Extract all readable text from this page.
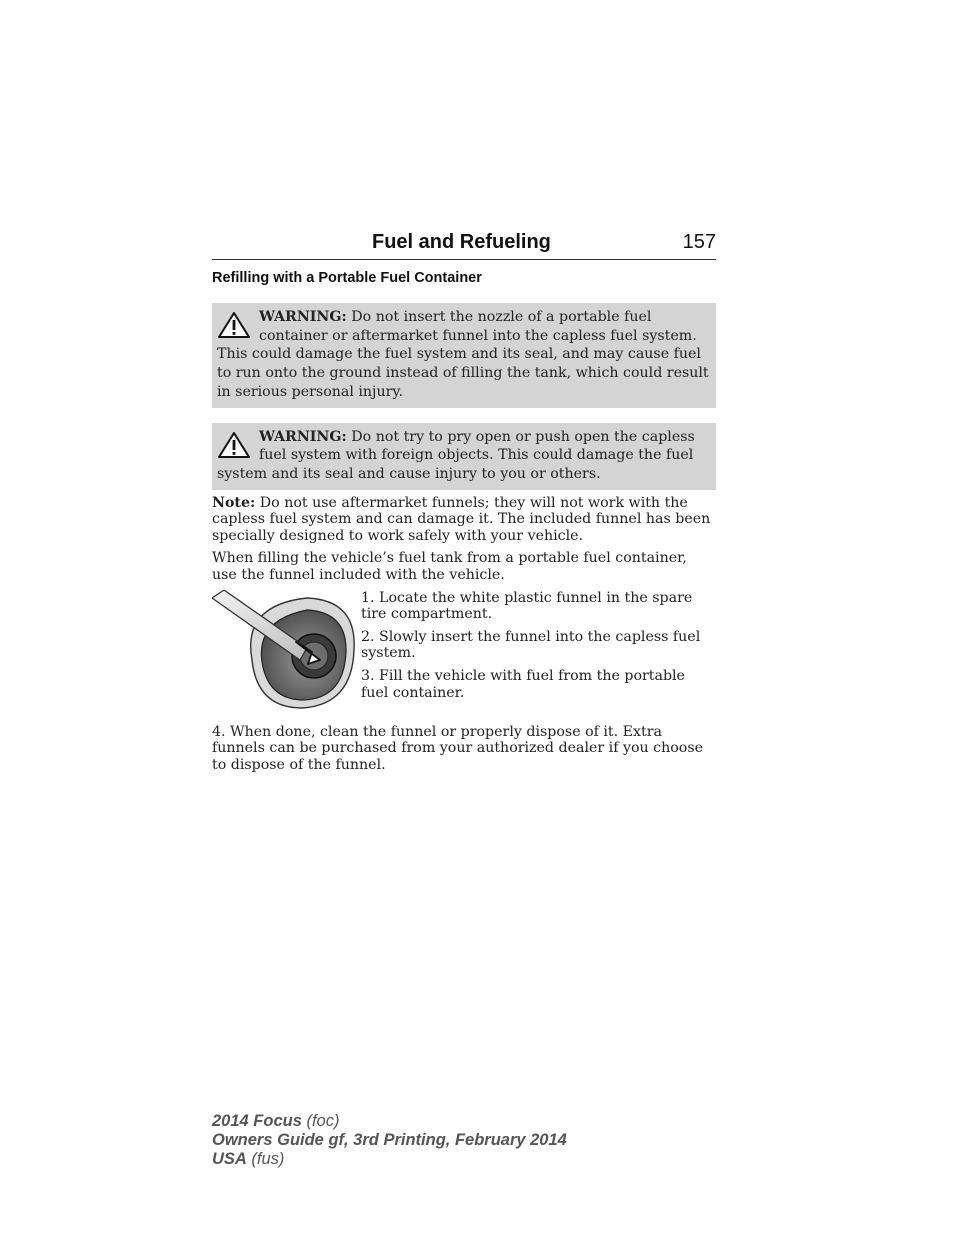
Fuel and Refueling	157
Refilling with a Portable Fuel Container
WARNING: Do not insert the nozzle of a portable fuel container or aftermarket funnel into the capless fuel system. This could damage the fuel system and its seal, and may cause fuel to run onto the ground instead of filling the tank, which could result in serious personal injury.
WARNING: Do not try to pry open or push open the capless fuel system with foreign objects. This could damage the fuel system and its seal and cause injury to you or others.

Note: Do not use aftermarket funnels; they will not work with the capless fuel system and can damage it. The included funnel has been specially designed to work safely with your vehicle.

When filling the vehicle’s fuel tank from a portable fuel container, use the funnel included with the vehicle.

1. Locate the white plastic funnel in the spare tire compartment.

2. Slowly insert the funnel into the capless fuel system.

3. Fill the vehicle with fuel from the portable fuel container.

4. When done, clean the funnel or properly dispose of it. Extra funnels can be purchased from your authorized dealer if you choose to dispose of the funnel.

2014 Focus (foc)
Owners Guide gf, 3rd Printing, February 2014
USA (fus)
